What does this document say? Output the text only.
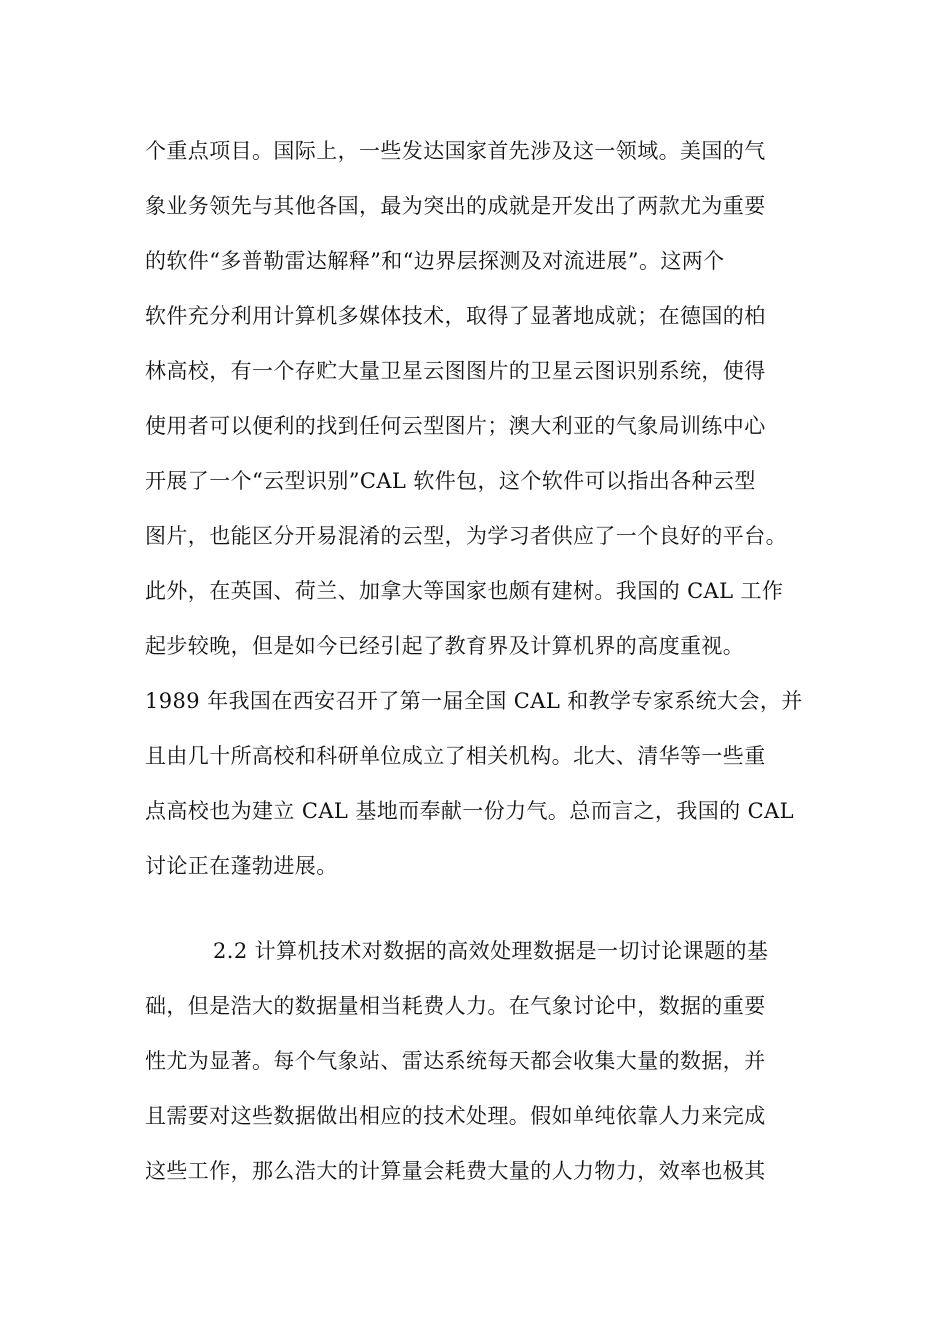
个重点项目。国际上，一些发达国家首先涉及这一领域。美国的气
象业务领先与其他各国，最为突出的成就是开发出了两款尤为重要
的软件“多普勒雷达解释”和“边界层探测及对流进展”。这两个
软件充分利用计算机多媒体技术，取得了显著地成就；在德国的柏
林高校，有一个存贮大量卫星云图图片的卫星云图识别系统，使得
使用者可以便利的找到任何云型图片；澳大利亚的气象局训练中心
开展了一个“云型识别”CAL 软件包，这个软件可以指出各种云型
图片，也能区分开易混淆的云型，为学习者供应了一个良好的平台。
此外，在英国、荷兰、加拿大等国家也颇有建树。我国的 CAL 工作
起步较晚，但是如今已经引起了教育界及计算机界的高度重视。
1989 年我国在西安召开了第一届全国 CAL 和教学专家系统大会，并
且由几十所高校和科研单位成立了相关机构。北大、清华等一些重
点高校也为建立 CAL 基地而奉献一份力气。总而言之，我国的 CAL
讨论正在蓬勃进展。
2.2 计算机技术对数据的高效处理数据是一切讨论课题的基
础，但是浩大的数据量相当耗费人力。在气象讨论中，数据的重要
性尤为显著。每个气象站、雷达系统每天都会收集大量的数据，并
且需要对这些数据做出相应的技术处理。假如单纯依靠人力来完成
这些工作，那么浩大的计算量会耗费大量的人力物力，效率也极其
